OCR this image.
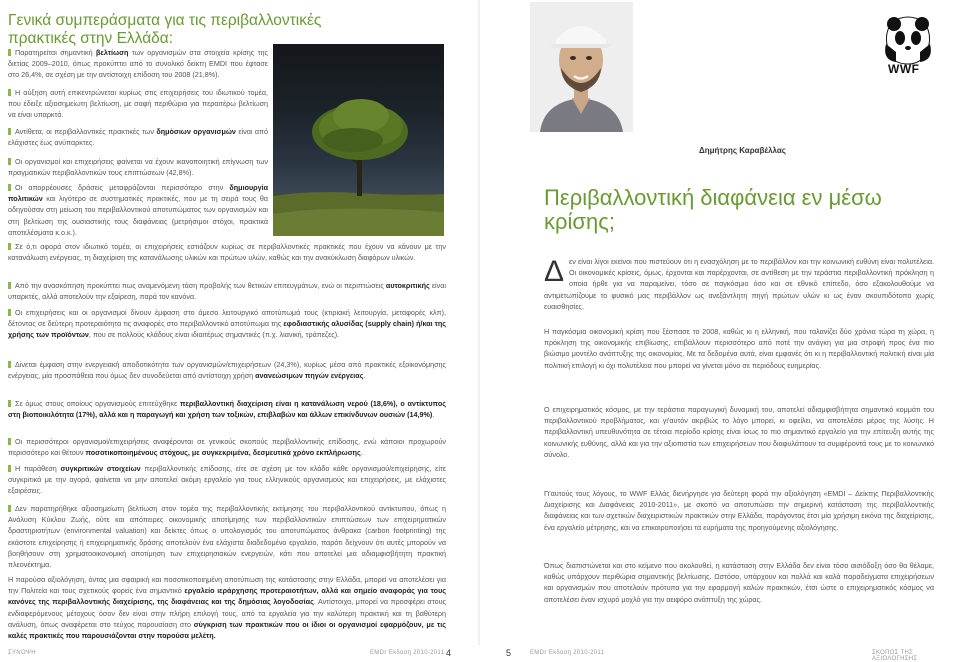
Γενικά συμπεράσματα για τις περιβαλλοντικές πρακτικές στην Ελλάδα:
Παρατηρείται σημαντική βελτίωση των οργανισμών στα στοιχεία κρίσης της διετίας 2009–2010, όπως προκύπτει από το συνολικό δείκτη EMDI που έφτασε στο 26,4%, σε σχέση με την αντίστοιχη επίδοση του 2008 (21,8%).
Η αύξηση αυτή επικεντρώνεται κυρίως στις επιχειρήσεις του ιδιωτικού τομέα, που έδειξε αξιοσημείωτη βελτίωση, με σαφή περιθώρια για περαιτέρω βελτίωση να είναι υπαρκτά.
Αντίθετα, οι περιβαλλοντικές πρακτικές των δημόσιων οργανισμών είναι από ελάχιστες έως ανύπαρκτες.
Οι οργανισμοί και επιχειρήσεις φαίνεται να έχουν ικανοποιητική επίγνωση των πραγματικών περιβαλλοντικών τους επιπτώσεων (42,8%).
Οι απορρέουσες δράσεις μεταφράζονται περισσότερο στην δημιουργία πολιτικών και λιγότερο σε συστηματικές πρακτικές, που με τη σειρά τους θα οδηγούσαν στη μείωση του περιβαλλοντικού αποτυπώματος των οργανισμών και στη βελτίωση της ουσιαστικής τους διαφάνειας (μετρήσιμοι στόχοι, πρακτικά αποτελέσματα κ.ο.κ.).
Σε ό,τι αφορά στον ιδιωτικό τομέα, οι επιχειρήσεις εστιάζουν κυρίως σε περιβαλλοντικές πρακτικές που έχουν να κάνουν με την κατανάλωση ενέργειας, τη διαχείριση της κατανάλωσης υλικών και πρώτων υλών, καθώς και την ανακύκλωση διαφόρων υλικών.
Από την ανασκόπηση προκύπτει πως αναμενόμενη τάση προβολής των θετικών επιτευγμάτων, ενώ οι περιπτώσεις αυτοκριτικής είναι υπαρκτές, αλλά αποτελούν την εξαίρεση, παρά τον κανόνα.
Οι επιχειρήσεις και οι οργανισμοί δίνουν έμφαση στο άμεσο λειτουργικό αποτύπωμά τους (κτιριακή λειτουργία, μεταφορές κλπ), δέτοντας σε δεύτερη προτεραιότητα τις αναφορές στο περιβαλλοντικό αποτύπωμα της εφοδιαστικής αλυσίδας (supply chain) ή/και της χρήσης των προϊόντων, που σε πολλούς κλάδους είναι ιδιαιτέρως σημαντικές (π.χ. λιανική, τράπεζες).
Δίνεται έμφαση στην ενεργειακή αποδοτικότητα των οργανισμών/επιχειρήσεων (24,3%), κυρίως μέσα από πρακτικές εξοικονόμησης ενέργειας, μία προσπάθεια που όμως δεν συνοδεύεται από αντίστοιχη χρήση ανανεώσιμων πηγών ενέργειας.
Σε όμως στους οποίους οργανισμούς επιτεύχθηκε περιβαλλοντική διαχείριση είναι η κατανάλωση νερού (18,6%), ο αντίκτυπος στη βιοποικιλότητα (17%), αλλά και η παραγωγή και χρήση των τοξικών, επιβλαβών και άλλων επικίνδυνων ουσιών (14,9%).
Οι περισσότεροι οργανισμοί/επιχειρήσεις αναφέρονται σε γενικούς σκοπούς περιβαλλοντικής επίδοσης, ενώ κάποιοι προχωρούν περισσότερο και θέτουν ποσοτικοποιημένους στόχους, με συγκεκριμένα, δεσμευτικά χρόνο εκπλήρωσης.
Η παράθεση συγκριτικών στοιχείων περιβαλλοντικής επίδοσης, είτε σε σχέση με τον κλάδο κάθε οργανισμού/επιχείρησης, είτε συγκριτικά με την αγορά, φαίνεται να μην αποτελεί ακόμη εργαλείο για τους ελληνικούς οργανισμούς και επιχειρήσεις, με ελάχιστες εξαιρέσεις.
Δεν παρατηρήθηκε αξιοσημείωτη βελτίωση στον τομέα της περιβαλλοντικής εκτίμησης του περιβαλλοντικού αντίκτυπου, όπως η Ανάλυση Κύκλου Ζωής, ούτε και απόπειρες οικονομικής αποτίμησης των περιβαλλοντικών επιπτώσεων των επιχειρηματικών δραστηριοτήτων (environmental valuation) και δείκτες όπως ο υπολογισμός του αποτυπώματος άνθρακα (carbon footprinting) της εκάστοτε επιχείρησης ή επιχειρηματικής δράσης αποτελούν ένα ελάχιστα διαδεδομένο εργαλείο, παρότι δείχνουν ότι αυτές μπορούν να βοηθήσουν στη χρηματοοικονομική αποτίμηση των επιχειρησιακών ενεργειών, κάτι που αποτελεί μια αδιαμφισβήτητη πρακτική πλεονέκτημα.

Η παρούσα αξιολόγηση, όντας μια σφαιρική και ποσοτικοποιημένη αποτύπωση της κατάστασης στην Ελλάδα, μπορεί να αποτελέσει για την Πολιτεία και τους σχετικούς φορείς ένα σημαντικό εργαλείο ιεράρχησης προτεραιοτήτων, αλλά και σημείο αναφοράς για τους κανόνες της περιβαλλοντικής διαχείρισης, της διαφάνειας και της δημόσιας λογοδοσίας. Αντίστοιχα, μπορεί να προσφέρει στους ενδιαφερόμενους μέτοχους όσον δεν είναι στην πλήρη επιλογή τους, από τα εργαλεία για την καλύτερη πρακτική και τη βαθύτερη ανάλυση, όπως αναφέρεται στο τεύχος παρουσίαση στο σύγκριση των πρακτικών που οι ίδιοι οι οργανισμοί εφαρμόζουν, με τις καλές πρακτικές που παρουσιάζονται στην παρούσα μελέτη.

ΣΥΝΟΨΗ	EMDI Έκδοση 2010-2011 4
WWF
Δημήτρης Καραβέλλας
Περιβαλλοντική διαφάνεια εν μέσω κρίσης;

Δεν είναι λίγοι εκείνοι που πιστεύουν ότι η ενασχόληση με το περιβάλλον και την κοινωνική ευθύνη είναι πολυτέλεια. Οι οικονομικές κρίσεις, όμως, έρχονται και παρέρχονται, σε αντίθεση με την τεράστια περιβαλλοντική πρόκληση η οποία ήρθε για να παραμείνει, τόσο σε παγκόσμιο όσο και σε εθνικό επίπεδο, όσο εξακολουθούμε να αντιμετωπίζουμε το φυσικό μας περιβάλλον ως ανεξάντλητη πηγή πρώτων υλών κι ως έναν σκουπιδότοπο χωρίς ευαισθησίες.

Η παγκόσμια οικονομική κρίση που ξέσπασε το 2008, καθώς κι η ελληνική, που ταλανίζει δύο χρόνια τώρα τη χώρα, η πρόκληση της οικονομικής επιβίωσης, επιβάλλουν περισσότερο από ποτέ την ανάγκη για μια στροφή προς ένα πιο βιώσιμο μοντέλο ανάπτυξης της οικονομίας. Με τα δεδομένα αυτά, είναι εμφανές ότι κι η περιβαλλοντική πολιτική είναι μία πολιτική επιλογή κι όχι πολυτέλεια που μπορεί να γίνεται μόνο σε περιόδους ευημερίας.

Ο επιχειρηματικός κόσμος, με την τεράστια παραγωγική δυναμική του, αποτελεί αδιαμφισβήτητα σημαντικό κομμάτι του περιβαλλοντικού προβλήματος, και γι'αυτόν ακριβώς το λόγο μπορεί, κι οφείλει, να αποτελέσει μέρος της λύσης. Η περιβαλλοντική υπευθυνότητα σε τέτοια περίοδο κρίσης είναι ίσως το πιο σημαντικό εργαλείο για την επίτευξη αυτής της κοινωνικής ευθύνης, αλλά και για την αξιοπιστία των επιχειρήσεων που διαφυλάττουν τα συμφέροντά τους με το κοινωνικό σύνολο.

Γι'αυτούς τους λόγους, το WWF Ελλάς διενήργησε για δεύτερη φορά την αξιολόγηση «EMDI – Δείκτης Περιβαλλοντικής Διαχείρισης και Διαφάνειας 2010-2011», με σκοπό να αποτυπώσει την σημερινή κατάσταση της περιβαλλοντικής διαφάνειας και των σχετικών διαχειριστικών πρακτικών στην Ελλάδα, παράγοντας έτσι μία χρήσιμη εικόνα της διαχείρισης, ένα εργαλείο μέτρησης, και να επικαιροποιήσει τα ευρήματα της προηγούμενης αξιολόγησης.

Όπως διαπιστώνεται και στο κείμενο που ακολουθεί, η κατάσταση στην Ελλάδα δεν είναι τόσο αισιόδοξη όσο θα θέλαμε, καθώς υπάρχουν περιθώρια σημαντικής βελτίωσης. Ωστόσο, υπάρχουν και πολλά και καλά παραδείγματα επιχειρήσεων και οργανισμών που αποτελούν πρότυπα για την εφαρμογή καλών πρακτικών, έτσι ώστε ο επιχειρηματικός κόσμος να αποτελέσει έναν ισχυρό μοχλό για την αειφόρο ανάπτυξη της χώρας.

5	EMDI Έκδοση 2010-2011	ΣΚΟΠΟΣ ΤΗΣ ΑΞΙΟΛΟΓΗΣΗΣ
